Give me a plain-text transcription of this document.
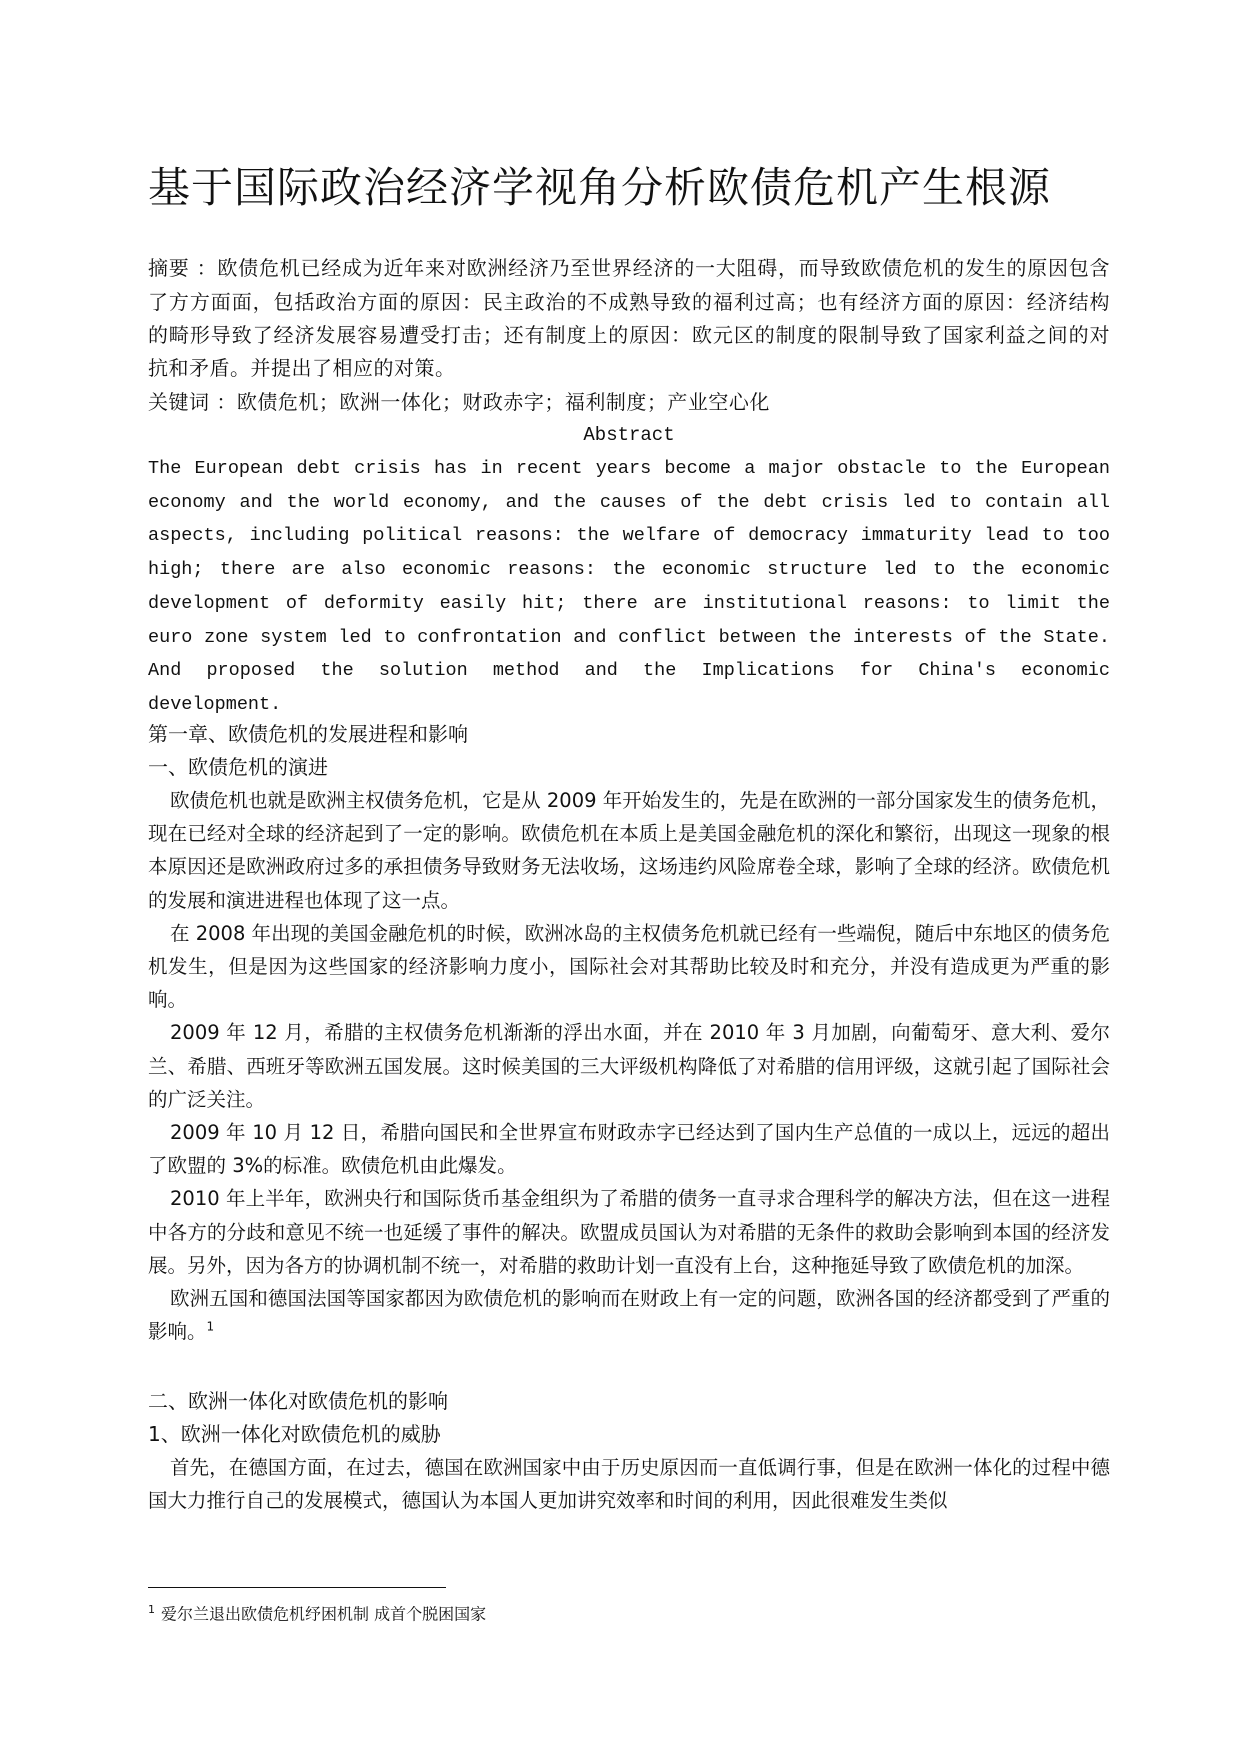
基于国际政治经济学视角分析欧债危机产生根源
摘要 ：欧债危机已经成为近年来对欧洲经济乃至世界经济的一大阻碍，而导致欧债危机的发生的原因包含了方方面面，包括政治方面的原因：民主政治的不成熟导致的福利过高；也有经济方面的原因：经济结构的畸形导致了经济发展容易遭受打击；还有制度上的原因：欧元区的制度的限制导致了国家利益之间的对抗和矛盾。并提出了相应的对策。
关键词 ：欧债危机；欧洲一体化；财政赤字；福利制度；产业空心化
Abstract

The European debt crisis has in recent years become a major obstacle to the European economy and the world economy, and the causes of the debt crisis led to contain all aspects, including political reasons: the welfare of democracy immaturity lead to too high; there are also economic reasons: the economic structure led to the economic development of deformity easily hit; there are institutional reasons: to limit the euro zone system led to confrontation and conflict between the interests of the State. And proposed the solution method and the Implications for China's economic development.

第一章、欧债危机的发展进程和影响
一、欧债危机的演进

欧债危机也就是欧洲主权债务危机，它是从 2009 年开始发生的，先是在欧洲的一部分国家发生的债务危机，现在已经对全球的经济起到了一定的影响。欧债危机在本质上是美国金融危机的深化和繁衍，出现这一现象的根本原因还是欧洲政府过多的承担债务导致财务无法收场，这场违约风险席卷全球，影响了全球的经济。欧债危机的发展和演进进程也体现了这一点。

在 2008 年出现的美国金融危机的时候，欧洲冰岛的主权债务危机就已经有一些端倪，随后中东地区的债务危机发生，但是因为这些国家的经济影响力度小，国际社会对其帮助比较及时和充分，并没有造成更为严重的影响。

2009 年 12 月，希腊的主权债务危机渐渐的浮出水面，并在 2010 年 3 月加剧，向葡萄牙、意大利、爱尔兰、希腊、西班牙等欧洲五国发展。这时候美国的三大评级机构降低了对希腊的信用评级，这就引起了国际社会的广泛关注。

2009 年 10 月 12 日，希腊向国民和全世界宣布财政赤字已经达到了国内生产总值的一成以上，远远的超出了欧盟的 3%的标准。欧债危机由此爆发。

2010 年上半年，欧洲央行和国际货币基金组织为了希腊的债务一直寻求合理科学的解决方法，但在这一进程中各方的分歧和意见不统一也延缓了事件的解决。欧盟成员国认为对希腊的无条件的救助会影响到本国的经济发展。另外，因为各方的协调机制不统一，对希腊的救助计划一直没有上台，这种拖延导致了欧债危机的加深。

欧洲五国和德国法国等国家都因为欧债危机的影响而在财政上有一定的问题，欧洲各国的经济都受到了严重的影响。$^1$

二、欧洲一体化对欧债危机的影响
1、欧洲一体化对欧债危机的威胁

首先，在德国方面，在过去，德国在欧洲国家中由于历史原因而一直低调行事，但是在欧洲一体化的过程中德国大力推行自己的发展模式，德国认为本国人更加讲究效率和时间的利用，因此很难发生类似

$^1$ 爱尔兰退出欧债危机纾困机制 成首个脱困国家
